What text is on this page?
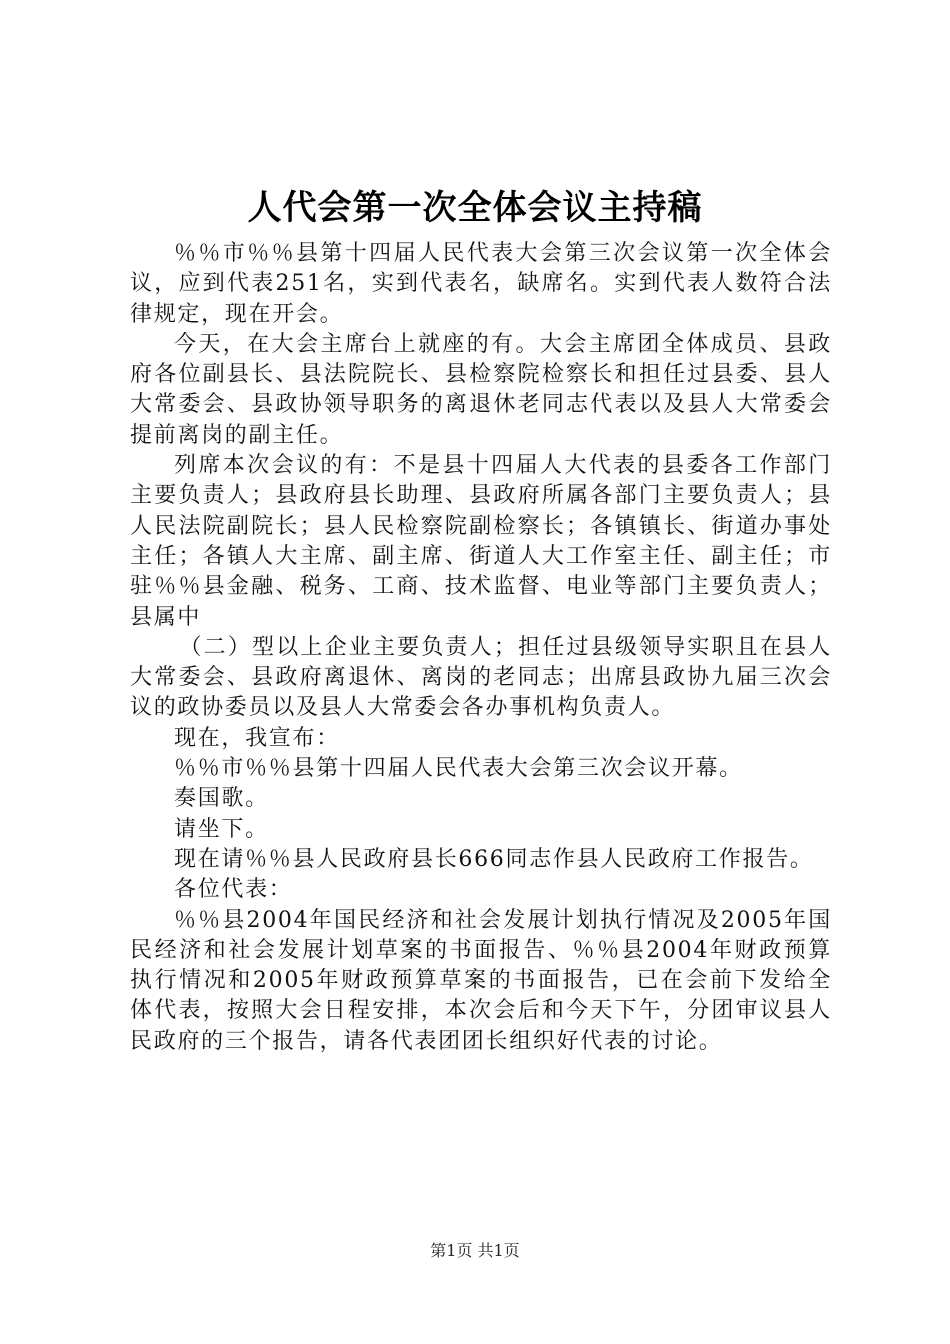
人代会第一次全体会议主持稿

％％市％％县第十四届人民代表大会第三次会议第一次全体会议，应到代表251名，实到代表名，缺席名。实到代表人数符合法律规定，现在开会。

今天，在大会主席台上就座的有。大会主席团全体成员、县政府各位副县长、县法院院长、县检察院检察长和担任过县委、县人大常委会、县政协领导职务的离退休老同志代表以及县人大常委会提前离岗的副主任。

列席本次会议的有：不是县十四届人大代表的县委各工作部门主要负责人；县政府县长助理、县政府所属各部门主要负责人；县人民法院副院长；县人民检察院副检察长；各镇镇长、街道办事处主任；各镇人大主席、副主席、街道人大工作室主任、副主任；市驻％％县金融、税务、工商、技术监督、电业等部门主要负责人；县属中

（二）型以上企业主要负责人；担任过县级领导实职且在县人大常委会、县政府离退休、离岗的老同志；出席县政协九届三次会议的政协委员以及县人大常委会各办事机构负责人。

现在，我宣布：

％％市％％县第十四届人民代表大会第三次会议开幕。

奏国歌。

请坐下。

现在请％％县人民政府县长666同志作县人民政府工作报告。

各位代表：

％％县2004年国民经济和社会发展计划执行情况及2005年国民经济和社会发展计划草案的书面报告、％％县2004年财政预算执行情况和2005年财政预算草案的书面报告，已在会前下发给全体代表，按照大会日程安排，本次会后和今天下午，分团审议县人民政府的三个报告，请各代表团团长组织好代表的讨论。

第1页 共1页
